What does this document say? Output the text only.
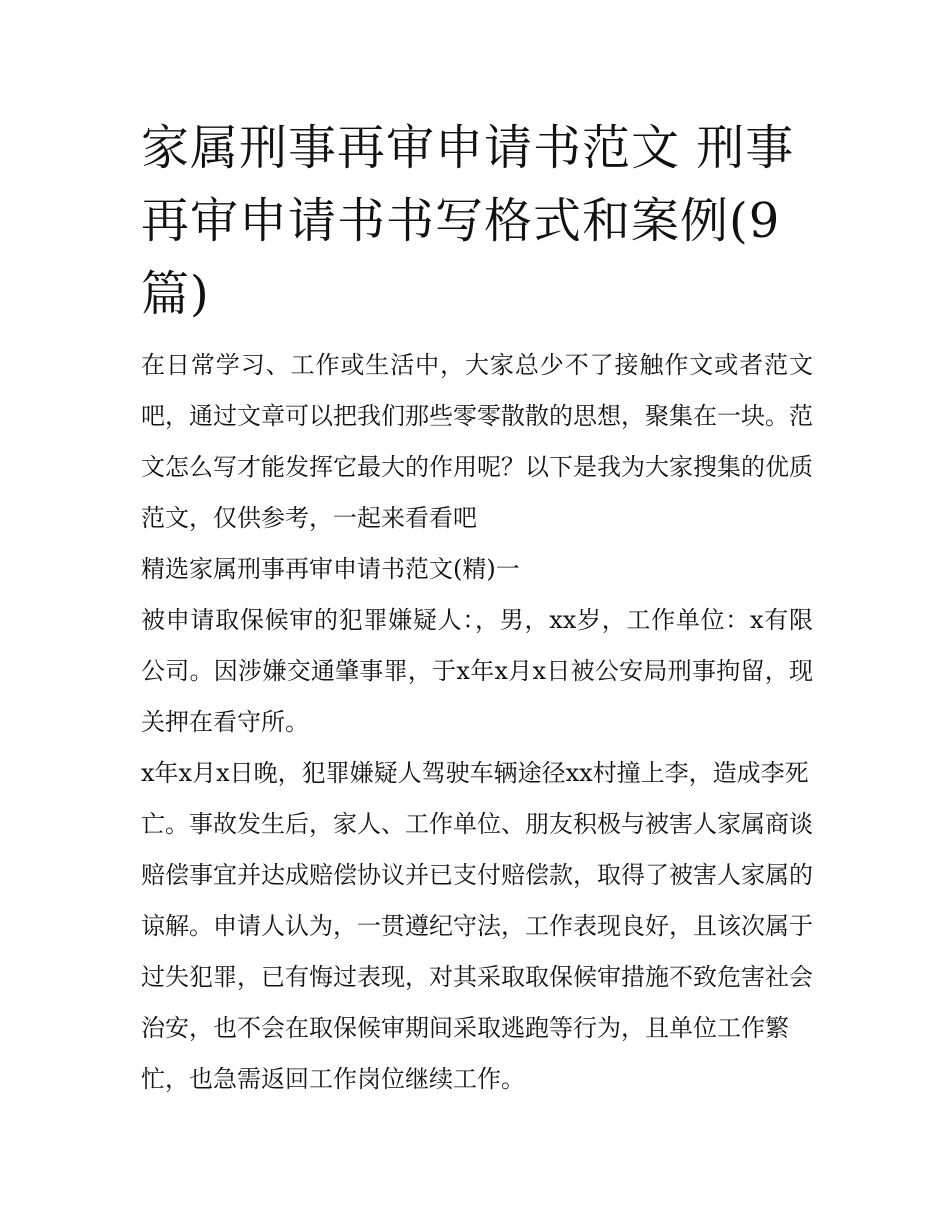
家属刑事再审申请书范文 刑事再审申请书书写格式和案例(9篇)

在日常学习、工作或生活中，大家总少不了接触作文或者范文吧，通过文章可以把我们那些零零散散的思想，聚集在一块。范文怎么写才能发挥它最大的作用呢？以下是我为大家搜集的优质范文，仅供参考，一起来看看吧

精选家属刑事再审申请书范文(精)一

被申请取保候审的犯罪嫌疑人：，男，xx岁，工作单位：x有限公司。因涉嫌交通肇事罪，于x年x月x日被公安局刑事拘留，现关押在看守所。

x年x月x日晚，犯罪嫌疑人驾驶车辆途径xx村撞上李，造成李死亡。事故发生后，家人、工作单位、朋友积极与被害人家属商谈赔偿事宜并达成赔偿协议并已支付赔偿款，取得了被害人家属的谅解。申请人认为，一贯遵纪守法，工作表现良好，且该次属于过失犯罪，已有悔过表现，对其采取取保候审措施不致危害社会治安，也不会在取保候审期间采取逃跑等行为，且单位工作繁忙，也急需返回工作岗位继续工作。
